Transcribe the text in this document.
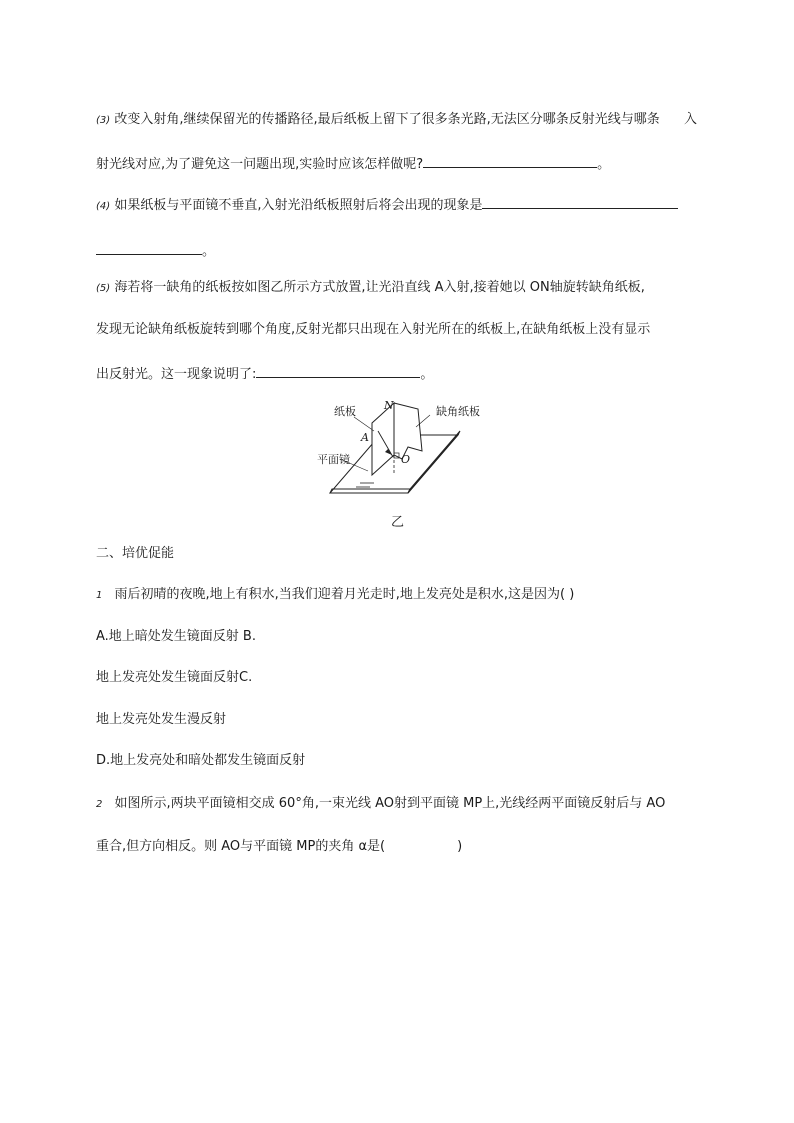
(3) 改变入射角,继续保留光的传播路径,最后纸板上留下了很多条光路,无法区分哪条反射光线与哪条 入
射光线对应,为了避免这一问题出现,实验时应该怎样做呢?	。
(4) 如果纸板与平面镜不垂直,入射光沿纸板照射后将会出现的现象是
。
(5) 海若将一缺角的纸板按如图乙所示方式放置,让光沿直线 A入射,接着她以 ON轴旋转缺角纸板,
发现无论缺角纸板旋转到哪个角度,反射光都只出现在入射光所在的纸板上,在缺角纸板上没有显示
出反射光。这一现象说明了:	。
纸板	N	缺角纸板
A
平面镜	O
乙
二、培优促能
1 雨后初晴的夜晚,地上有积水,当我们迎着月光走时,地上发亮处是积水,这是因为( )
A.地上暗处发生镜面反射 B.
地上发亮处发生镜面反射C.
地上发亮处发生漫反射
D.地上发亮处和暗处都发生镜面反射
2 如图所示,两块平面镜相交成 60°角,一束光线 AO射到平面镜 MP上,光线经两平面镜反射后与 AO
重合,但方向相反。则 AO与平面镜 MP的夹角 α是(	)
